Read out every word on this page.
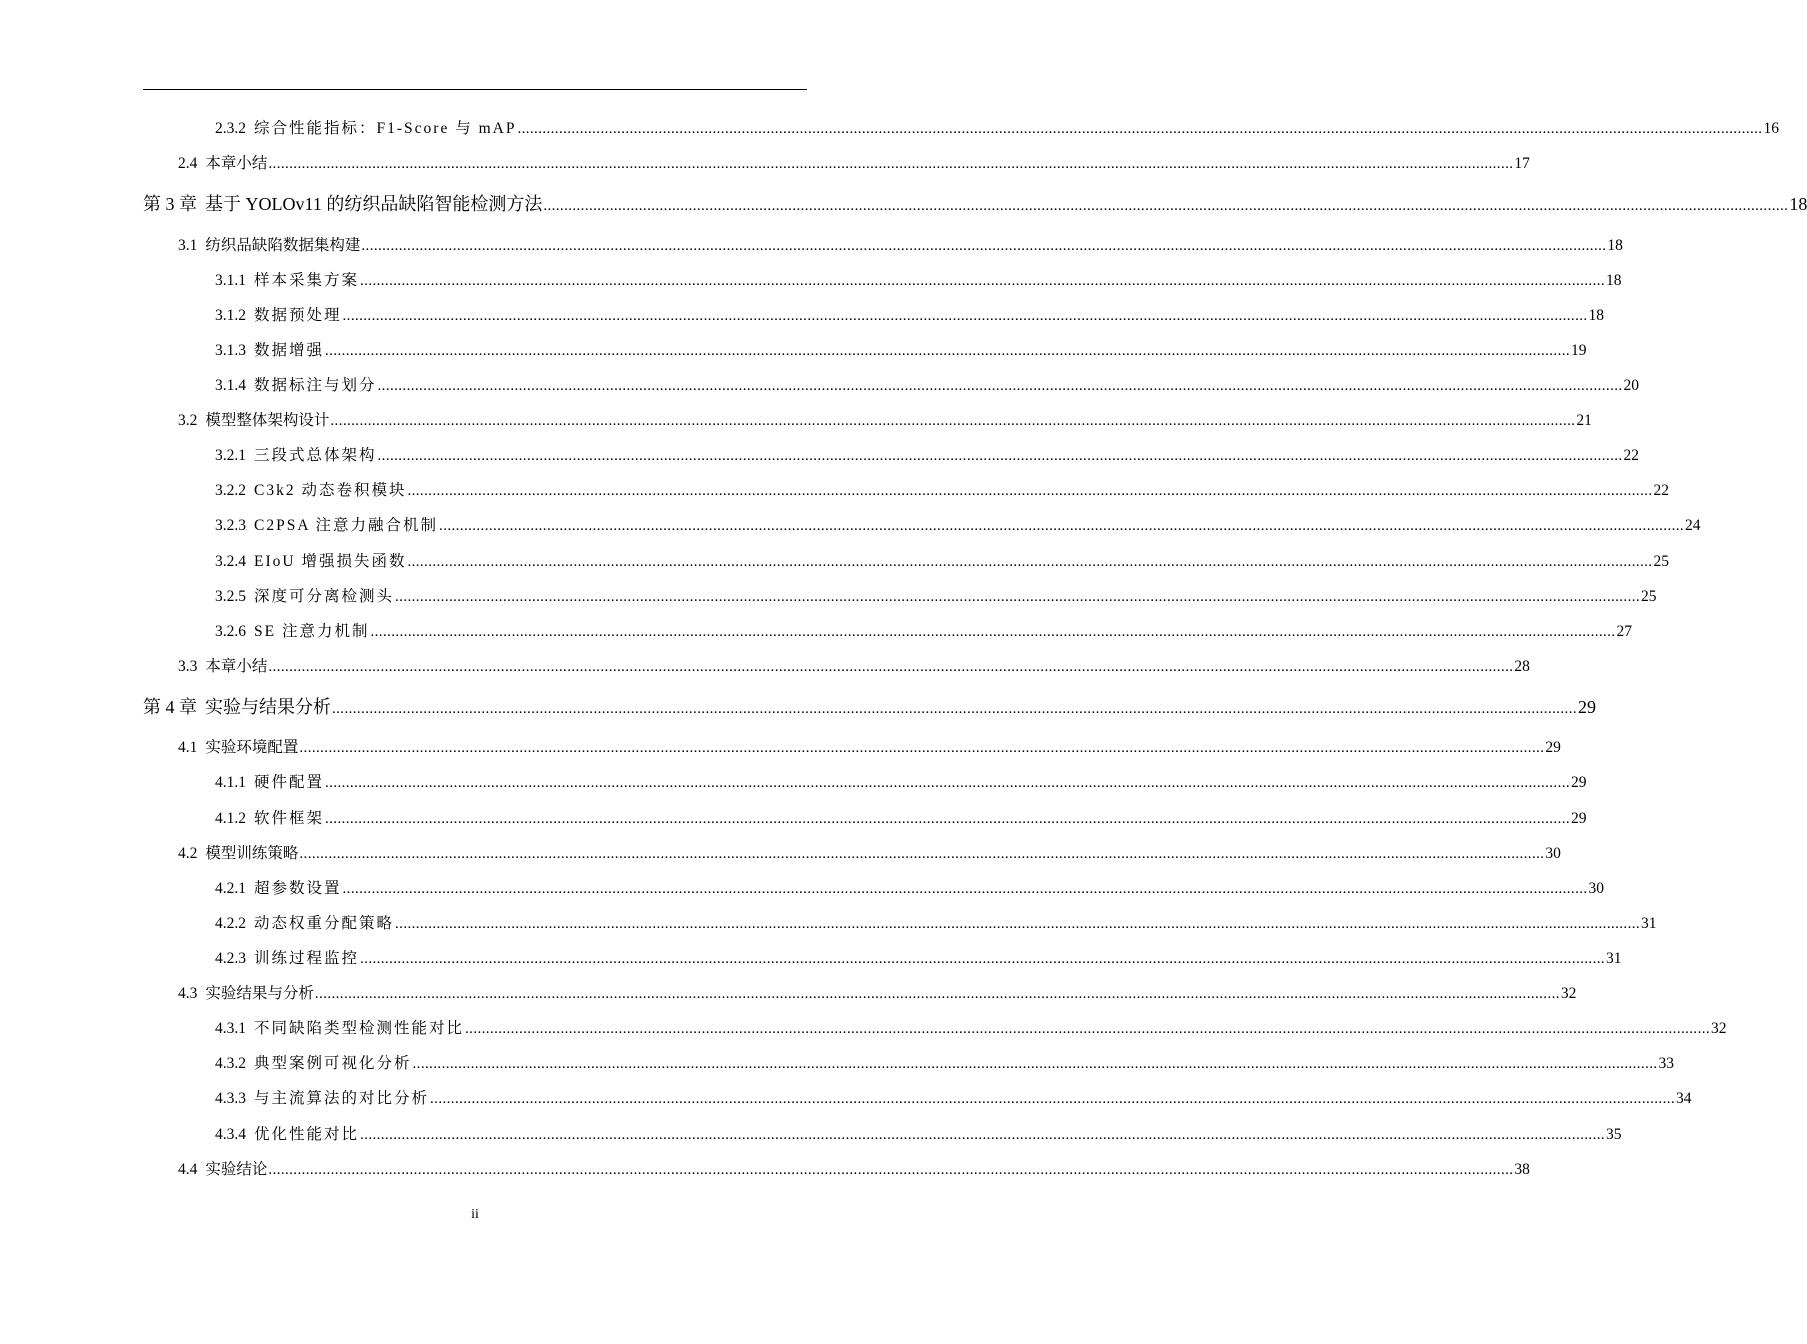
2.3.2 综合性能指标：F1-Score 与 mAP ............................................................................................................................................................................................................................................................................................................ 16
2.4 本章小结 ............................................................................................................................................................................................................................................................................................................ 17
第 3 章 基于 YOLOv11 的纺织品缺陷智能检测方法 ............................................................................................................................................................................................................................................................................................................ 18
3.1 纺织品缺陷数据集构建 ............................................................................................................................................................................................................................................................................................................ 18
3.1.1 样本采集方案 ............................................................................................................................................................................................................................................................................................................ 18
3.1.2 数据预处理 ............................................................................................................................................................................................................................................................................................................ 18
3.1.3 数据增强 ............................................................................................................................................................................................................................................................................................................ 19
3.1.4 数据标注与划分 ............................................................................................................................................................................................................................................................................................................ 20
3.2 模型整体架构设计 ............................................................................................................................................................................................................................................................................................................ 21
3.2.1 三段式总体架构 ............................................................................................................................................................................................................................................................................................................ 22
3.2.2 C3k2 动态卷积模块 ............................................................................................................................................................................................................................................................................................................ 22
3.2.3 C2PSA 注意力融合机制 ............................................................................................................................................................................................................................................................................................................ 24
3.2.4 EIoU 增强损失函数 ............................................................................................................................................................................................................................................................................................................ 25
3.2.5 深度可分离检测头 ............................................................................................................................................................................................................................................................................................................ 25
3.2.6 SE 注意力机制 ............................................................................................................................................................................................................................................................................................................ 27
3.3 本章小结 ............................................................................................................................................................................................................................................................................................................ 28
第 4 章 实验与结果分析 ............................................................................................................................................................................................................................................................................................................ 29
4.1 实验环境配置 ............................................................................................................................................................................................................................................................................................................ 29
4.1.1 硬件配置 ............................................................................................................................................................................................................................................................................................................ 29
4.1.2 软件框架 ............................................................................................................................................................................................................................................................................................................ 29
4.2 模型训练策略 ............................................................................................................................................................................................................................................................................................................ 30
4.2.1 超参数设置 ............................................................................................................................................................................................................................................................................................................ 30
4.2.2 动态权重分配策略 ............................................................................................................................................................................................................................................................................................................ 31
4.2.3 训练过程监控 ............................................................................................................................................................................................................................................................................................................ 31
4.3 实验结果与分析 ............................................................................................................................................................................................................................................................................................................ 32
4.3.1 不同缺陷类型检测性能对比 ............................................................................................................................................................................................................................................................................................................ 32
4.3.2 典型案例可视化分析 ............................................................................................................................................................................................................................................................................................................ 33
4.3.3 与主流算法的对比分析 ............................................................................................................................................................................................................................................................................................................ 34
4.3.4 优化性能对比 ............................................................................................................................................................................................................................................................................................................ 35
4.4 实验结论 ............................................................................................................................................................................................................................................................................................................ 38
ii
